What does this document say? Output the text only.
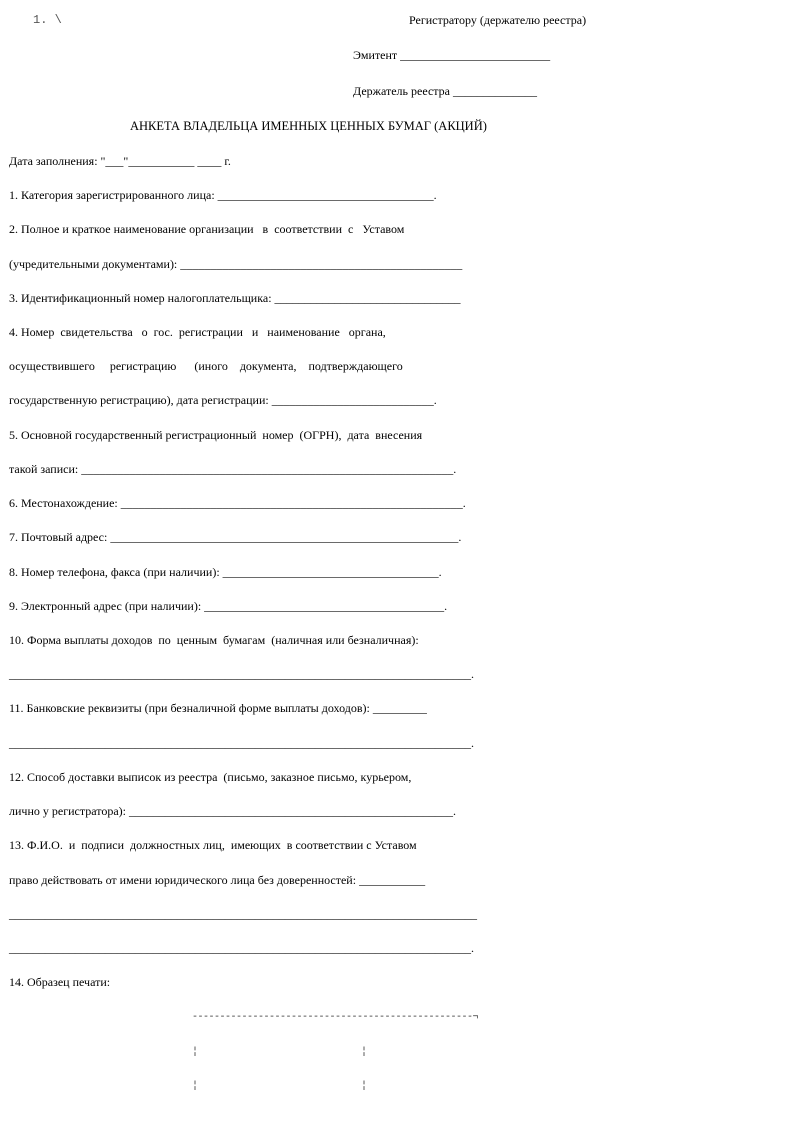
1. \	Регистратору (держателю реестра)
Эмитент _________________________
Держатель реестра ______________
АНКЕТА ВЛАДЕЛЬЦА ИМЕННЫХ ЦЕННЫХ БУМАГ (АКЦИЙ)
Дата заполнения: "___"___________ ____ г.
1. Категория зарегистрированного лица: ____________________________________.
2. Полное и краткое наименование организации   в  соответствии  с   Уставом
(учредительными документами): _______________________________________________
3. Идентификационный номер налогоплательщика: _______________________________
4. Номер  свидетельства   о  гос.  регистрации   и   наименование   органа,
осуществившего     регистрацию      (иного    документа,    подтверждающего
государственную регистрацию), дата регистрации: ___________________________.
5. Основной государственный регистрационный  номер  (ОГРН),  дата  внесения
такой записи: ______________________________________________________________.
6. Местонахождение: _________________________________________________________.
7. Почтовый адрес: __________________________________________________________.
8. Номер телефона, факса (при наличии): ____________________________________.
9. Электронный адрес (при наличии): ________________________________________.
10. Форма выплаты доходов  по  ценным  бумагам  (наличная или безналичная):
_____________________________________________________________________________.
11. Банковские реквизиты (при безналичной форме выплаты доходов): _________
_____________________________________________________________________________.
12. Способ доставки выписок из реестра  (письмо, заказное письмо, курьером,
лично у регистратора): ______________________________________________________.
13. Ф.И.О.  и  подписи  должностных лиц,  имеющих  в соответствии с Уставом
право действовать от имени юридического лица без доверенностей: ___________
______________________________________________________________________________
_____________________________________________________________________________.
14. Образец печати:
---------------------------------------------------¬
¦	¦
¦	¦
